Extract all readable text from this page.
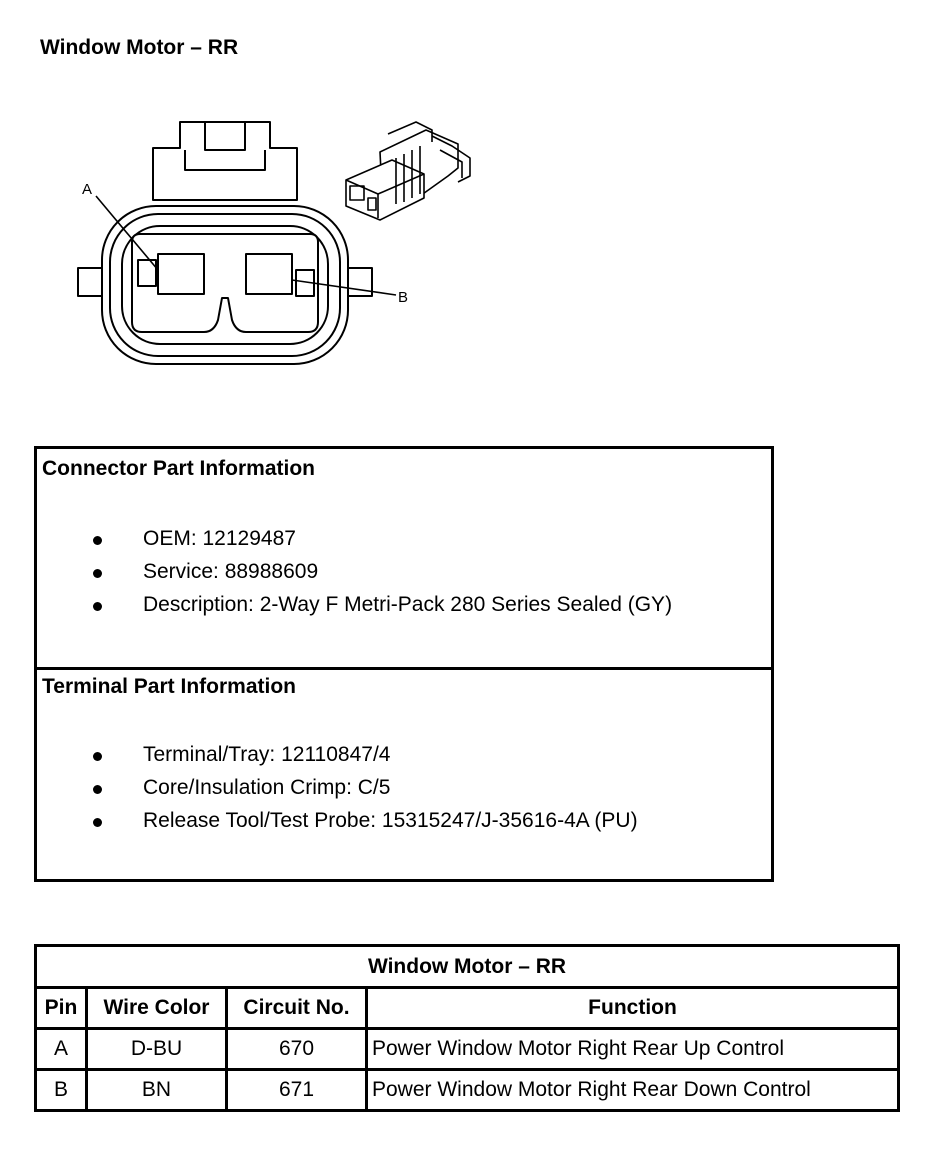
Window Motor – RR
A
B
Connector Part Information
OEM: 12129487
Service: 88988609
Description: 2-Way F Metri-Pack 280 Series Sealed (GY)
Terminal Part Information
Terminal/Tray: 12110847/4
Core/Insulation Crimp: C/5
Release Tool/Test Probe: 15315247/J-35616-4A (PU)
Window Motor – RR			
Pin	Wire Color	Circuit No.	Function
A	D-BU	670	Power Window Motor Right Rear Up Control
B	BN	671	Power Window Motor Right Rear Down Control
